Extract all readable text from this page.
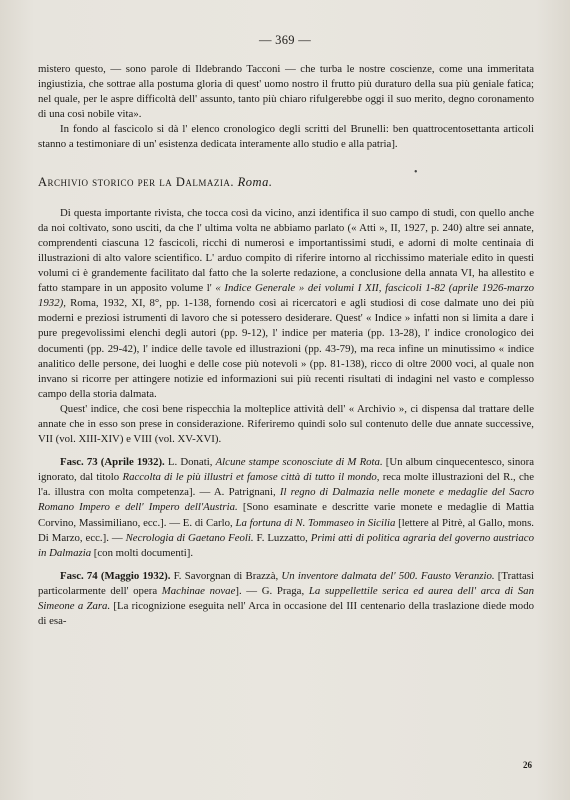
— 369 —
•

mistero questo, — sono parole di Ildebrando Tacconi — che turba le nostre coscienze, come una immeritata ingiustizia, che sottrae alla postuma gloria di quest' uomo nostro il frutto più duraturo della sua più geniale fatica; nel quale, per le aspre difficoltà dell' assunto, tanto più chiaro rifulgerebbe oggi il suo merito, degno coronamento di una così nobile vita».

In fondo al fascicolo si dà l' elenco cronologico degli scritti del Brunelli: ben quattrocentosettanta articoli stanno a testimoniare di un' esistenza dedicata interamente allo studio e alla patria].

Archivio storico per la Dalmazia. Roma.

Di questa importante rivista, che tocca così da vicino, anzi identifica il suo campo di studi, con quello anche da noi coltivato, sono usciti, da che l' ultima volta ne abbiamo parlato (« Atti », II, 1927, p. 240) altre sei annate, comprendenti ciascuna 12 fascicoli, ricchi di numerosi e importantissimi studi, e adorni di molte centinaia di illustrazioni di alto valore scientifico. L' arduo compito di riferire intorno al ricchissimo materiale edito in questi volumi ci è grandemente facilitato dal fatto che la solerte redazione, a conclusione della annata VI, ha allestito e fatto stampare in un apposito volume l' « Indice Generale » dei volumi I XII, fascicoli 1-82 (aprile 1926-marzo 1932), Roma, 1932, XI, 8°, pp. 1-138, fornendo così ai ricercatori e agli studiosi di cose dalmate uno dei più moderni e preziosi istrumenti di lavoro che si potessero desiderare. Quest' « Indice » infatti non si limita a dare i pure pregevolissimi elenchi degli autori (pp. 9-12), l' indice per materia (pp. 13-28), l' indice cronologico dei documenti (pp. 29-42), l' indice delle tavole ed illustrazioni (pp. 43-79), ma reca infine un minutissimo « indice analitico delle persone, dei luoghi e delle cose più notevoli » (pp. 81-138), ricco di oltre 2000 voci, al quale non invano si ricorre per attingere notizie ed informazioni sui più recenti risultati di indagini nel vasto e complesso campo della storia dalmata.

Quest' indice, che così bene rispecchia la molteplice attività dell' « Archivio », ci dispensa dal trattare delle annate che in esso son prese in considerazione. Riferiremo quindi solo sul contenuto delle due annate successive, VII (vol. XIII-XIV) e VIII (vol. XV-XVI).

Fasc. 73 (Aprile 1932). L. Donati, Alcune stampe sconosciute di M Rota. [Un album cinquecentesco, sinora ignorato, dal titolo Raccolta di le più illustri et famose città di tutto il mondo, reca molte illustrazioni del R., che l'a. illustra con molta competenza]. — A. Patrignani, Il regno di Dalmazia nelle monete e medaglie del Sacro Romano Impero e dell' Impero dell'Austria. [Sono esaminate e descritte varie monete e medaglie di Mattia Corvino, Massimiliano, ecc.]. — E. di Carlo, La fortuna di N. Tommaseo in Sicilia [lettere al Pitrè, al Gallo, mons. Di Marzo, ecc.]. — Necrologia di Gaetano Feoli. F. Luzzatto, Primi atti di politica agraria del governo austriaco in Dalmazia [con molti documenti].

Fasc. 74 (Maggio 1932). F. Savorgnan di Brazzà, Un inventore dalmata del' 500. Fausto Veranzio. [Trattasi particolarmente dell' opera Machinae novae]. — G. Praga, La suppellettile serica ed aurea dell' arca di San Simeone a Zara. [La ricognizione eseguita nell' Arca in occasione del III centenario della traslazione diede modo di esa-

26
